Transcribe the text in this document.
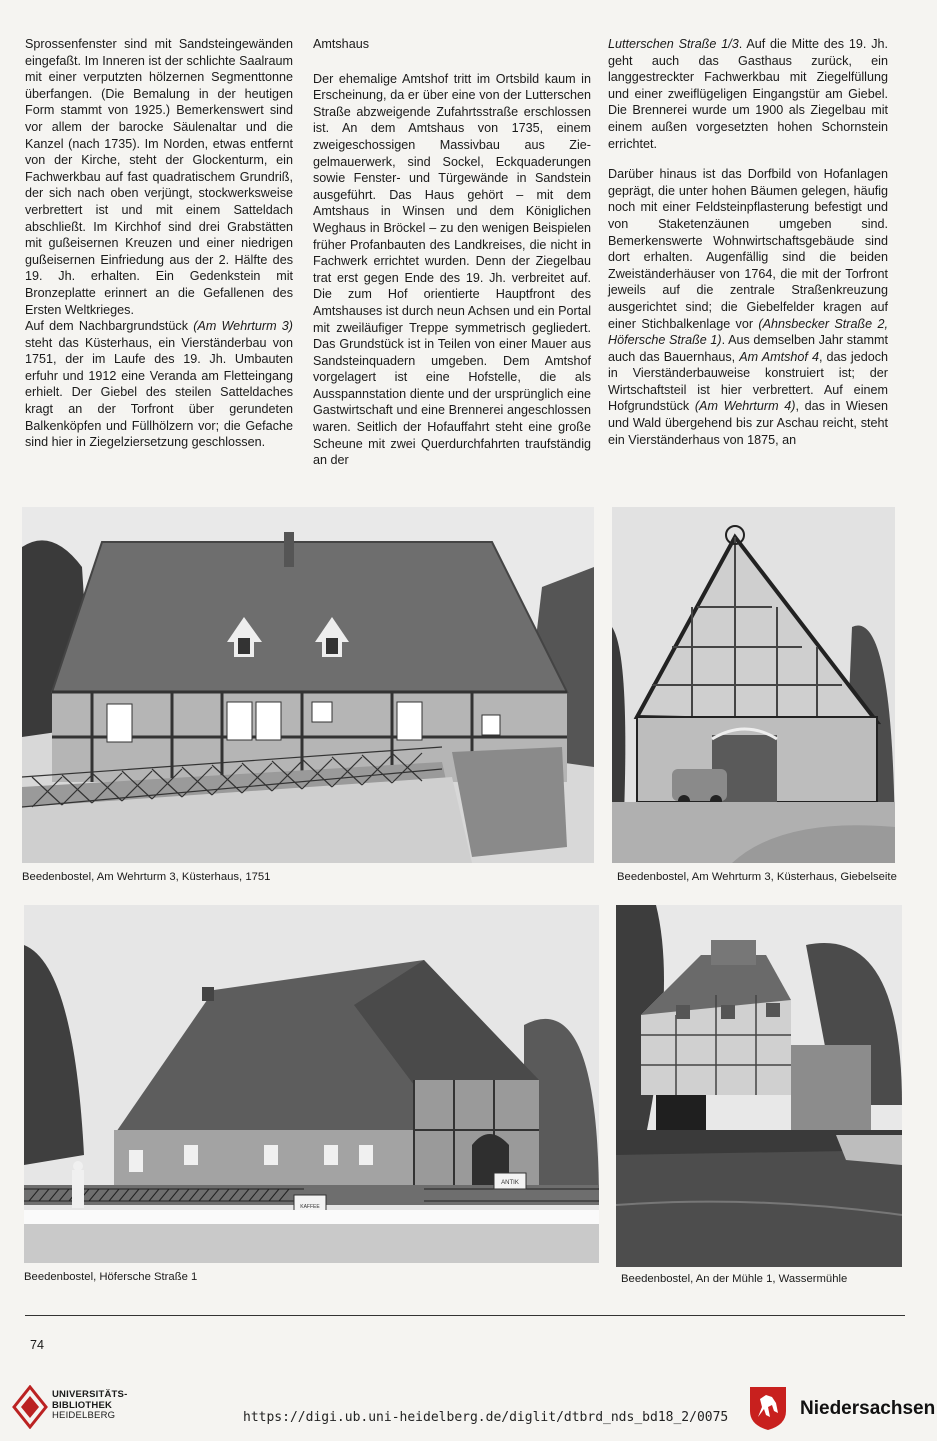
Sprossenfenster sind mit Sandsteingewänden eingefaßt. Im Inneren ist der schlichte Saalraum mit einer verputzten hölzernen Segmenttonne überfangen. (Die Bemalung in der heutigen Form stammt von 1925.) Bemerkenswert sind vor allem der barocke Säulenaltar und die Kanzel (nach 1735). Im Norden, etwas entfernt von der Kirche, steht der Glockenturm, ein Fachwerkbau auf fast quadratischem Grundriß, der sich nach oben verjüngt, stockwerksweise verbrettert ist und mit einem Satteldach abschließt. Im Kirchhof sind drei Grabstätten mit gußeisernen Kreuzen und einer niedrigen gußeisernen Einfriedung aus der 2. Hälfte des 19. Jh. erhalten. Ein Gedenkstein mit Bronzeplatte erinnert an die Gefallenen des Ersten Weltkrieges.

Auf dem Nachbargrundstück (Am Wehrturm 3) steht das Küsterhaus, ein Vierständerbau von 1751, der im Laufe des 19. Jh. Umbauten erfuhr und 1912 eine Veranda am Fletteingang erhielt. Der Giebel des steilen Satteldaches kragt an der Torfront über gerundeten Balkenköpfen und Füllhölzern vor; die Gefache sind hier in Ziegelziersetzung geschlossen.

Amtshaus

Der ehemalige Amtshof tritt im Ortsbild kaum in Erscheinung, da er über eine von der Lutterschen Straße abzweigende Zufahrtsstraße erschlossen ist. An dem Amtshaus von 1735, einem zweigeschossigen Massivbau aus Ziegelmauerwerk, sind Sockel, Eckquaderungen sowie Fenster- und Türgewände in Sandstein ausgeführt. Das Haus gehört – mit dem Amtshaus in Winsen und dem Königlichen Weghaus in Bröckel – zu den wenigen Beispielen früher Profanbauten des Landkreises, die nicht in Fachwerk errichtet wurden. Denn der Ziegelbau trat erst gegen Ende des 19. Jh. verbreitet auf. Die zum Hof orientierte Hauptfront des Amtshauses ist durch neun Achsen und ein Portal mit zweiläufiger Treppe symmetrisch gegliedert. Das Grundstück ist in Teilen von einer Mauer aus Sandsteinquadern umgeben. Dem Amtshof vorgelagert ist eine Hofstelle, die als Ausspannstation diente und der ursprünglich eine Gastwirtschaft und eine Brennerei angeschlossen waren. Seitlich der Hofauffahrt steht eine große Scheune mit zwei Querdurchfahrten traufständig an der

Lutterschen Straße 1/3. Auf die Mitte des 19. Jh. geht auch das Gasthaus zurück, ein langgestreckter Fachwerkbau mit Ziegelfüllung und einer zweiflügeligen Eingangstür am Giebel. Die Brennerei wurde um 1900 als Ziegelbau mit einem außen vorgesetzten hohen Schornstein errichtet.

Darüber hinaus ist das Dorfbild von Hofanlagen geprägt, die unter hohen Bäumen gelegen, häufig noch mit einer Feldsteinpflasterung befestigt und von Staketenzäunen umgeben sind. Bemerkenswerte Wohnwirtschaftsgebäude sind dort erhalten. Augenfällig sind die beiden Zweiständerhäuser von 1764, die mit der Torfront jeweils auf die zentrale Straßenkreuzung ausgerichtet sind; die Giebelfelder kragen auf einer Stichbalkenlage vor (Ahnsbecker Straße 2, Höfersche Straße 1). Aus demselben Jahr stammt auch das Bauernhaus, Am Amtshof 4, das jedoch in Vierständerbauweise konstruiert ist; der Wirtschaftsteil ist hier verbrettert. Auf einem Hofgrundstück (Am Wehrturm 4), das in Wiesen und Wald übergehend bis zur Aschau reicht, steht ein Vierständerhaus von 1875, an

Beedenbostel, Am Wehrturm 3, Küsterhaus, 1751	Beedenbostel, Am Wehrturm 3, Küsterhaus, Giebelseite
KAFFEE
ANTIK
Beedenbostel, Höfersche Straße 1	Beedenbostel, An der Mühle 1, Wassermühle
74
UNIVERSITÄTS-
BIBLIOTHEK
HEIDELBERG	https://digi.ub.uni-heidelberg.de/diglit/dtbrd_nds_bd18_2/0075	Niedersachsen
